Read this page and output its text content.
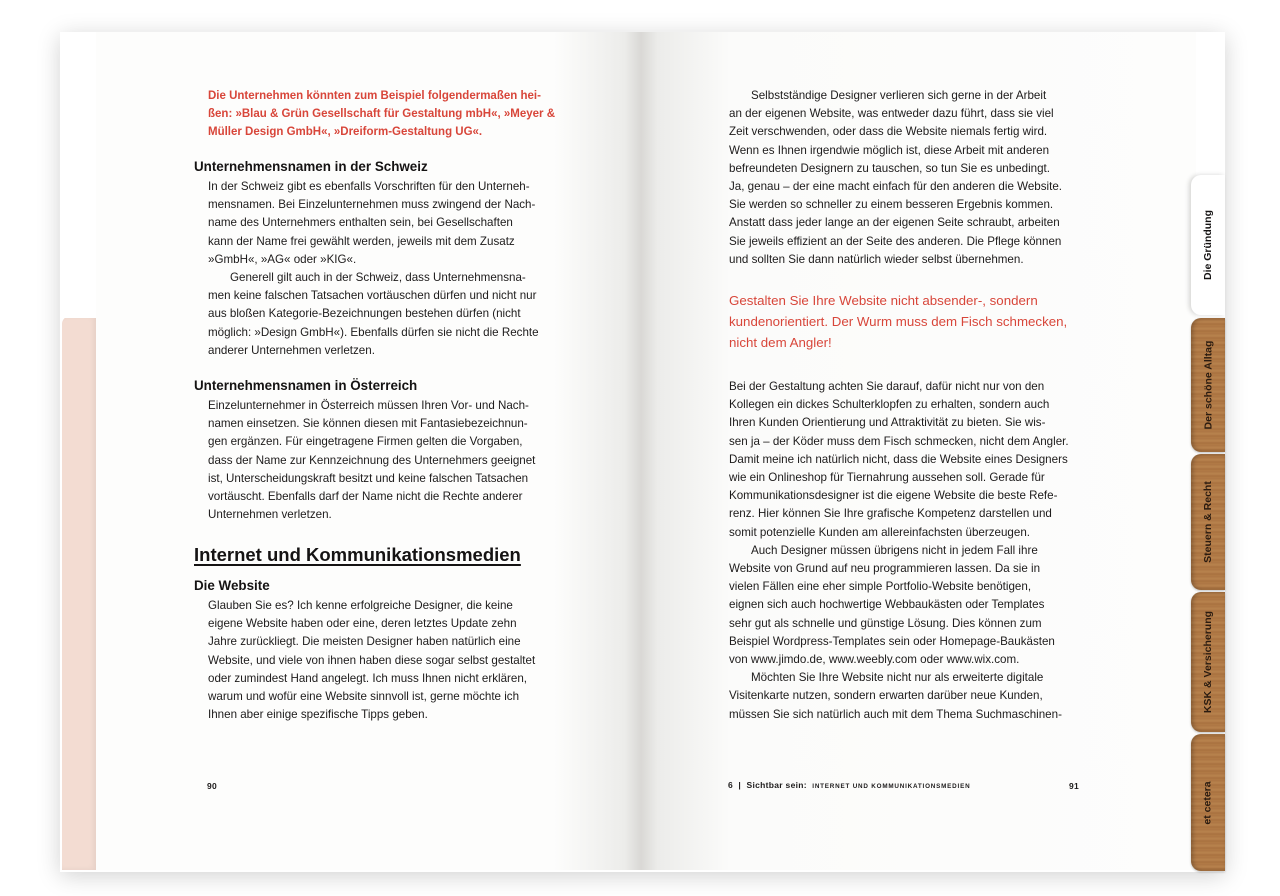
Die Unternehmen könnten zum Beispiel folgendermaßen hei-
ßen: »Blau & Grün Gesellschaft für Gestaltung mbH«, »Meyer &
Müller Design GmbH«, »Dreiform-Gestaltung UG«.
Unternehmensnamen in der Schweiz
In der Schweiz gibt es ebenfalls Vorschriften für den Unterneh-
mensnamen. Bei Einzelunternehmen muss zwingend der Nach-
name des Unternehmers enthalten sein, bei Gesellschaften
kann der Name frei gewählt werden, jeweils mit dem Zusatz
»GmbH«, »AG« oder »KIG«.
Generell gilt auch in der Schweiz, dass Unternehmensna-
men keine falschen Tatsachen vortäuschen dürfen und nicht nur
aus bloßen Kategorie-Bezeichnungen bestehen dürfen (nicht
möglich: »Design GmbH«). Ebenfalls dürfen sie nicht die Rechte
anderer Unternehmen verletzen.
Unternehmensnamen in Österreich
Einzelunternehmer in Österreich müssen Ihren Vor- und Nach-
namen einsetzen. Sie können diesen mit Fantasiebezeichnun-
gen ergänzen. Für eingetragene Firmen gelten die Vorgaben,
dass der Name zur Kennzeichnung des Unternehmers geeignet
ist, Unterscheidungskraft besitzt und keine falschen Tatsachen
vortäuscht. Ebenfalls darf der Name nicht die Rechte anderer
Unternehmen verletzen.
Internet und Kommunikationsmedien
Die Website
Glauben Sie es? Ich kenne erfolgreiche Designer, die keine
eigene Website haben oder eine, deren letztes Update zehn
Jahre zurückliegt. Die meisten Designer haben natürlich eine
Website, und viele von ihnen haben diese sogar selbst gestaltet
oder zumindest Hand angelegt. Ich muss Ihnen nicht erklären,
warum und wofür eine Website sinnvoll ist, gerne möchte ich
Ihnen aber einige spezifische Tipps geben.
90
Selbstständige Designer verlieren sich gerne in der Arbeit
an der eigenen Website, was entweder dazu führt, dass sie viel
Zeit verschwenden, oder dass die Website niemals fertig wird.
Wenn es Ihnen irgendwie möglich ist, diese Arbeit mit anderen
befreundeten Designern zu tauschen, so tun Sie es unbedingt.
Ja, genau – der eine macht einfach für den anderen die Website.
Sie werden so schneller zu einem besseren Ergebnis kommen.
Anstatt dass jeder lange an der eigenen Seite schraubt, arbeiten
Sie jeweils effizient an der Seite des anderen. Die Pflege können
und sollten Sie dann natürlich wieder selbst übernehmen.
Gestalten Sie Ihre Website nicht absender-, sondern
kundenorientiert. Der Wurm muss dem Fisch schmecken,
nicht dem Angler!
Bei der Gestaltung achten Sie darauf, dafür nicht nur von den
Kollegen ein dickes Schulterklopfen zu erhalten, sondern auch
Ihren Kunden Orientierung und Attraktivität zu bieten. Sie wis-
sen ja – der Köder muss dem Fisch schmecken, nicht dem Angler.
Damit meine ich natürlich nicht, dass die Website eines Designers
wie ein Onlineshop für Tiernahrung aussehen soll. Gerade für
Kommunikationsdesigner ist die eigene Website die beste Refe-
renz. Hier können Sie Ihre grafische Kompetenz darstellen und
somit potenzielle Kunden am allereinfachsten überzeugen.
Auch Designer müssen übrigens nicht in jedem Fall ihre
Website von Grund auf neu programmieren lassen. Da sie in
vielen Fällen eine eher simple Portfolio-Website benötigen,
eignen sich auch hochwertige Webbaukästen oder Templates
sehr gut als schnelle und günstige Lösung. Dies können zum
Beispiel Wordpress-Templates sein oder Homepage-Baukästen
von www.jimdo.de, www.weebly.com oder www.wix.com.
Möchten Sie Ihre Website nicht nur als erweiterte digitale
Visitenkarte nutzen, sondern erwarten darüber neue Kunden,
müssen Sie sich natürlich auch mit dem Thema Suchmaschinen-
6 | Sichtbar sein: INTERNET UND KOMMUNIKATIONSMEDIEN	91
Die Gründung
Der schöne Alltag
Steuern & Recht
KSK & Versicherung
et cetera
